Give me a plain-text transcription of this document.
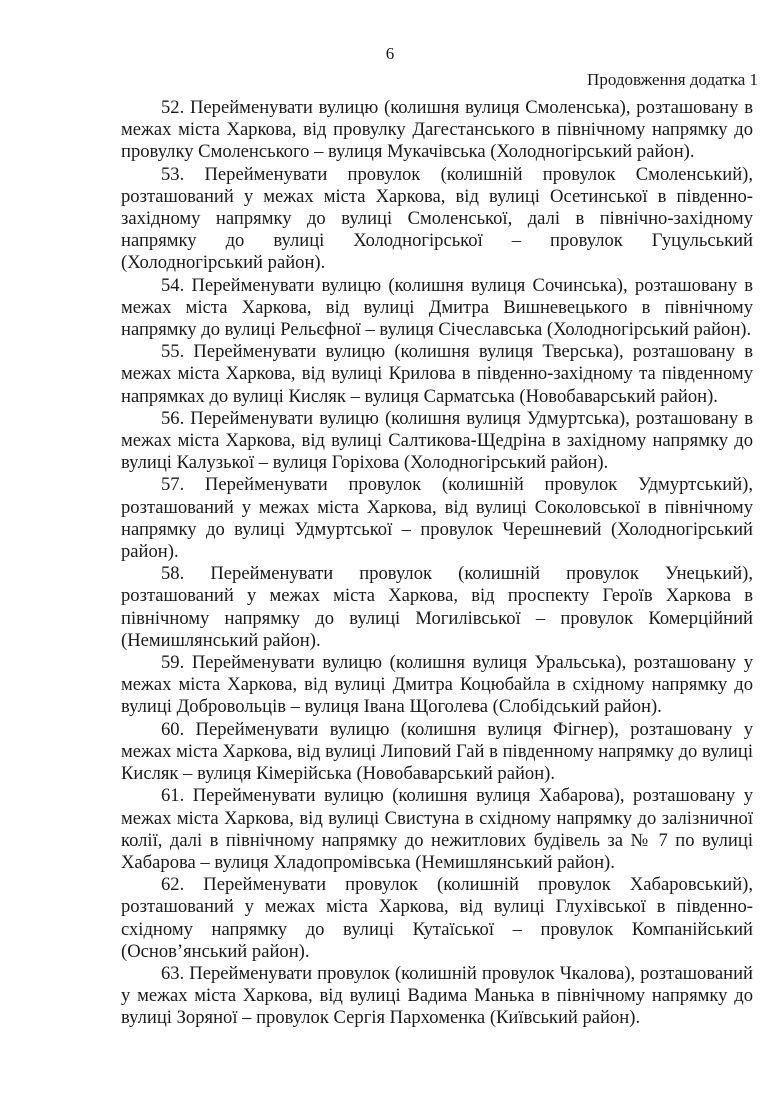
6
Продовження додатка 1

52. Перейменувати вулицю (колишня вулиця Смоленська), розташовану в межах міста Харкова, від провулку Дагестанського в північному напрямку до провулку Смоленського – вулиця Мукачівська (Холодногірський район).

53. Перейменувати провулок (колишній провулок Смоленський), розташований у межах міста Харкова, від вулиці Осетинської в південно-західному напрямку до вулиці Смоленської, далі в північно-західному напрямку до вулиці Холодногірської – провулок Гуцульський (Холодногірський район).

54. Перейменувати вулицю (колишня вулиця Сочинська), розташовану в межах міста Харкова, від вулиці Дмитра Вишневецького в північному напрямку до вулиці Рельєфної – вулиця Січеславська (Холодногірський район).

55. Перейменувати вулицю (колишня вулиця Тверська), розташовану в межах міста Харкова, від вулиці Крилова в південно-західному та південному напрямках до вулиці Кисляк – вулиця Сарматська (Новобаварський район).

56. Перейменувати вулицю (колишня вулиця Удмуртська), розташовану в межах міста Харкова, від вулиці Салтикова-Щедріна в західному напрямку до вулиці Калузької – вулиця Горіхова (Холодногірський район).

57. Перейменувати провулок (колишній провулок Удмуртський), розташований у межах міста Харкова, від вулиці Соколовської в північному напрямку до вулиці Удмуртської – провулок Черешневий (Холодногірський район).

58. Перейменувати провулок (колишній провулок Унецький), розташований у межах міста Харкова, від проспекту Героїв Харкова в північному напрямку до вулиці Могилівської – провулок Комерційний (Немишлянський район).

59. Перейменувати вулицю (колишня вулиця Уральська), розташовану у межах міста Харкова, від вулиці Дмитра Коцюбайла в східному напрямку до вулиці Добровольців – вулиця Івана Щоголева (Слобідський район).

60. Перейменувати вулицю (колишня вулиця Фігнер), розташовану у межах міста Харкова, від вулиці Липовий Гай в південному напрямку до вулиці Кисляк – вулиця Кімерійська (Новобаварський район).

61. Перейменувати вулицю (колишня вулиця Хабарова), розташовану у межах міста Харкова, від вулиці Свистуна в східному напрямку до залізничної колії, далі в північному напрямку до нежитлових будівель за № 7 по вулиці Хабарова – вулиця Хладопромівська (Немишлянський район).

62. Перейменувати провулок (колишній провулок Хабаровський), розташований у межах міста Харкова, від вулиці Глухівської в південно-східному напрямку до вулиці Кутаїської – провулок Компанійський (Основ’янський район).

63. Перейменувати провулок (колишній провулок Чкалова), розташований у межах міста Харкова, від вулиці Вадима Манька в північному напрямку до вулиці Зоряної – провулок Сергія Пархоменка (Київський район).
